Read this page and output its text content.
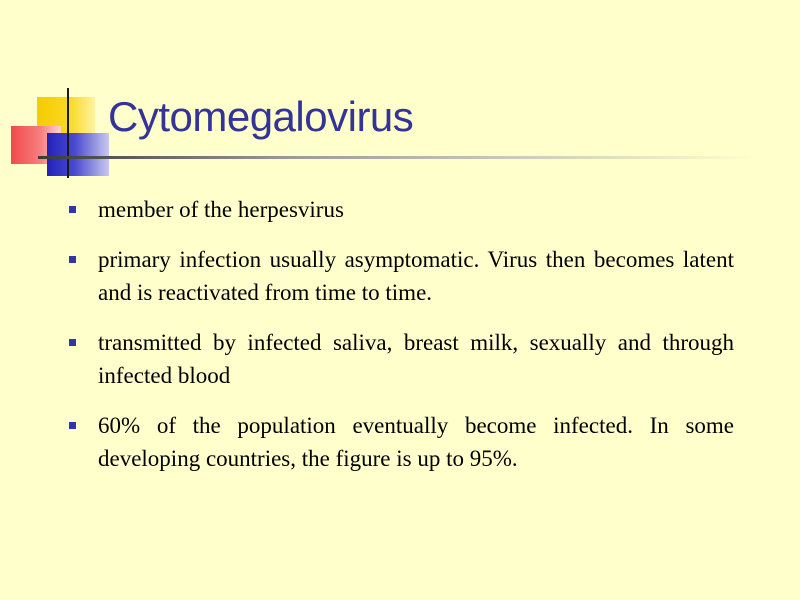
Cytomegalovirus
member of the herpesvirus
primary infection usually asymptomatic. Virus then becomes latent and is reactivated from time to time.
transmitted by infected saliva, breast milk, sexually and through infected blood
60% of the population eventually become infected. In some developing countries, the figure is up to 95%.
